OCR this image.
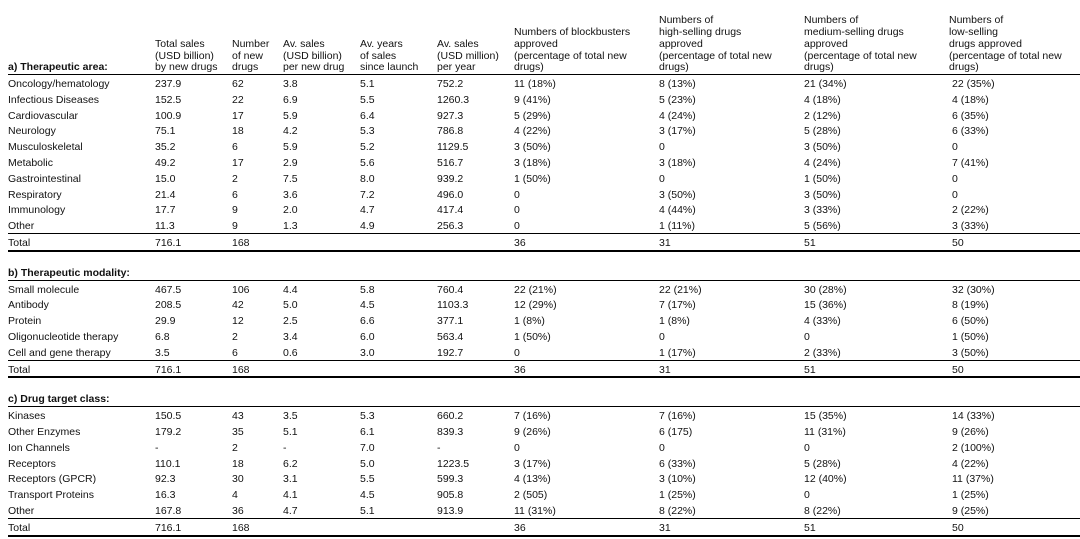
a) Therapeutic area:	Total sales
(USD billion)
by new drugs	Number
of new
drugs	Av. sales
(USD billion)
per new drug	Av. years
of sales
since launch	Av. sales
(USD million)
per year	Numbers of blockbusters
approved
(percentage of total new
drugs)	Numbers of
high-selling drugs
approved
(percentage of total new
drugs)	Numbers of
medium-selling drugs
approved
(percentage of total new
drugs)	Numbers of
low-selling
drugs approved
(percentage of total new
drugs)
Oncology/hematology	237.9	62	3.8	5.1	752.2	11 (18%)	8 (13%)	21 (34%)	22 (35%)
Infectious Diseases	152.5	22	6.9	5.5	1260.3	9 (41%)	5 (23%)	4 (18%)	4 (18%)
Cardiovascular	100.9	17	5.9	6.4	927.3	5 (29%)	4 (24%)	2 (12%)	6 (35%)
Neurology	75.1	18	4.2	5.3	786.8	4 (22%)	3 (17%)	5 (28%)	6 (33%)
Musculoskeletal	35.2	6	5.9	5.2	1129.5	3 (50%)	0	3 (50%)	0
Metabolic	49.2	17	2.9	5.6	516.7	3 (18%)	3 (18%)	4 (24%)	7 (41%)
Gastrointestinal	15.0	2	7.5	8.0	939.2	1 (50%)	0	1 (50%)	0
Respiratory	21.4	6	3.6	7.2	496.0	0	3 (50%)	3 (50%)	0
Immunology	17.7	9	2.0	4.7	417.4	0	4 (44%)	3 (33%)	2 (22%)
Other	11.3	9	1.3	4.9	256.3	0	1 (11%)	5 (56%)	3 (33%)
Total	716.1	168				36	31	51	50

b) Therapeutic modality:									
Small molecule	467.5	106	4.4	5.8	760.4	22 (21%)	22 (21%)	30 (28%)	32 (30%)
Antibody	208.5	42	5.0	4.5	1103.3	12 (29%)	7 (17%)	15 (36%)	8 (19%)
Protein	29.9	12	2.5	6.6	377.1	1 (8%)	1 (8%)	4 (33%)	6 (50%)
Oligonucleotide therapy	6.8	2	3.4	6.0	563.4	1 (50%)	0	0	1 (50%)
Cell and gene therapy	3.5	6	0.6	3.0	192.7	0	1 (17%)	2 (33%)	3 (50%)
Total	716.1	168				36	31	51	50

c) Drug target class:									
Kinases	150.5	43	3.5	5.3	660.2	7 (16%)	7 (16%)	15 (35%)	14 (33%)
Other Enzymes	179.2	35	5.1	6.1	839.3	9 (26%)	6 (175)	11 (31%)	9 (26%)
Ion Channels	-	2	-	7.0	-	0	0	0	2 (100%)
Receptors	110.1	18	6.2	5.0	1223.5	3 (17%)	6 (33%)	5 (28%)	4 (22%)
Receptors (GPCR)	92.3	30	3.1	5.5	599.3	4 (13%)	3 (10%)	12 (40%)	11 (37%)
Transport Proteins	16.3	4	4.1	4.5	905.8	2 (505)	1 (25%)	0	1 (25%)
Other	167.8	36	4.7	5.1	913.9	11 (31%)	8 (22%)	8 (22%)	9 (25%)
Total	716.1	168				36	31	51	50
